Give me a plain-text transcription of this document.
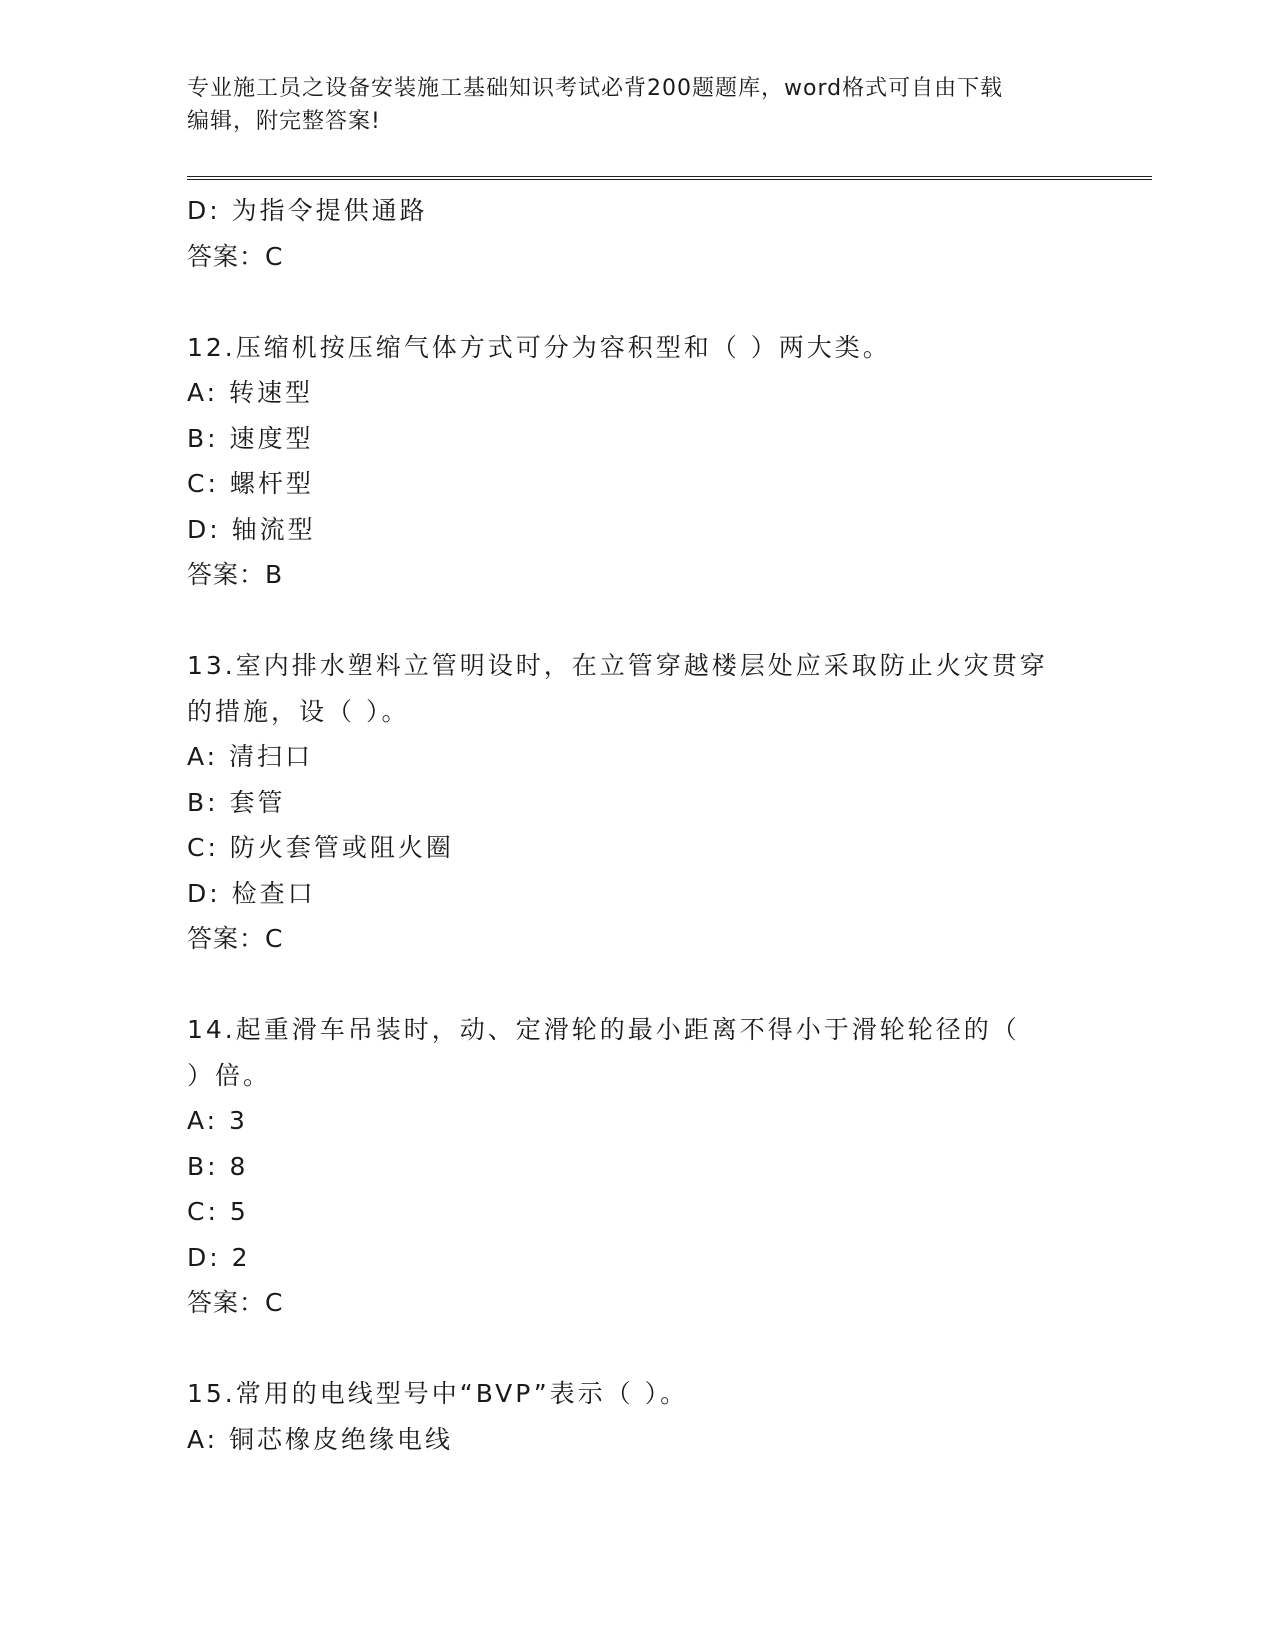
专业施工员之设备安装施工基础知识考试必背200题题库，word格式可自由下载
编辑，附完整答案!
D: 为指令提供通路
答案：C
12.压缩机按压缩气体方式可分为容积型和（ ）两大类。
A: 转速型
B: 速度型
C: 螺杆型
D: 轴流型
答案：B
13.室内排水塑料立管明设时，在立管穿越楼层处应采取防止火灾贯穿
的措施，设（ ）。
A: 清扫口
B: 套管
C: 防火套管或阻火圈
D: 检查口
答案：C
14.起重滑车吊装时，动、定滑轮的最小距离不得小于滑轮轮径的（
）倍。
A: 3
B: 8
C: 5
D: 2
答案：C
15.常用的电线型号中“BVP”表示（ ）。
A: 铜芯橡皮绝缘电线
